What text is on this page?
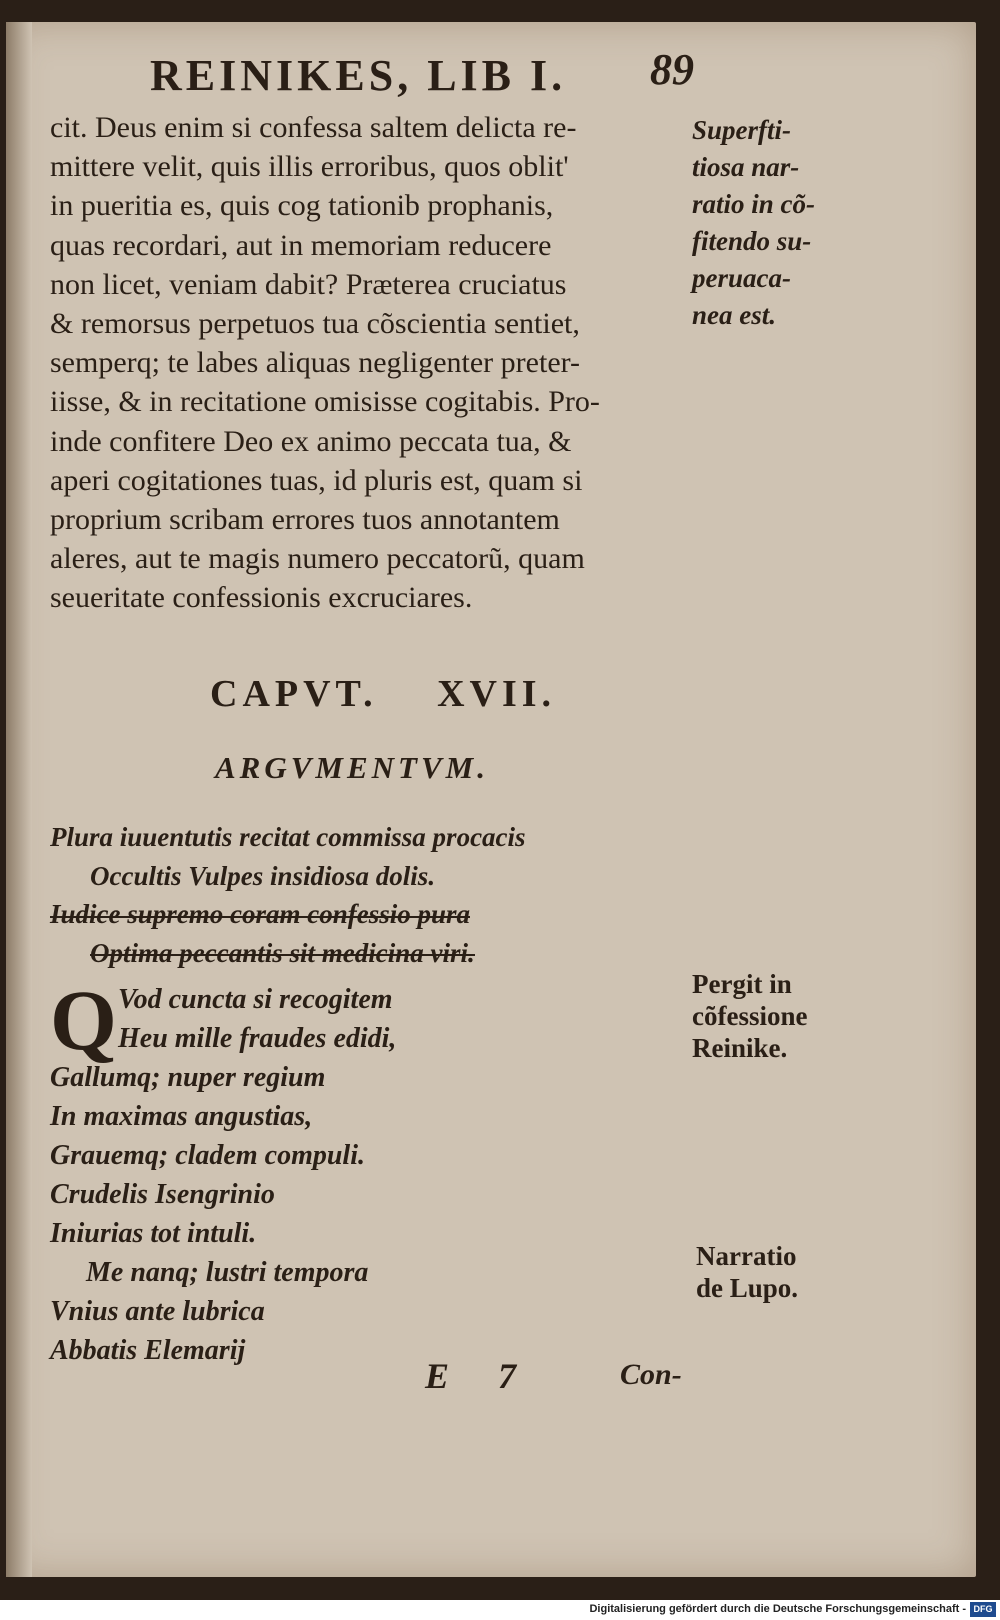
REINIKES, LIB I. 89
cit. Deus enim si confessa saltem delicta re-
mittere velit, quis illis erroribus, quos oblit'
in pueritia es, quis cog tationib prophanis,
quas recordari, aut in memoriam reducere
non licet, veniam dabit? Præterea cruciatus
& remorsus perpetuos tua cõscientia sentiet,
semperq; te labes aliquas negligenter preter-
iisse, & in recitatione omisisse cogitabis. Pro-
inde confitere Deo ex animo peccata tua, &
aperi cogitationes tuas, id pluris est, quam si
proprium scribam errores tuos annotantem
aleres, aut te magis numero peccatorũ, quam
seueritate confessionis excruciares.
Superfti-
tiosa nar-
ratio in cõ-
fitendo su-
peruaca-
nea est.
CAPVT. XVII.
ARGVMENTVM.
Plura iuuentutis recitat commissa procacis
Occultis Vulpes insidiosa dolis.
Iudice supremo coram confessio pura
Optima peccantis sit medicina viri.
Q Vod cuncta si recogitem
Heu mille fraudes edidi,
Gallumq; nuper regium
In maximas angustias,
Grauemq; cladem compuli.
Crudelis Isengrinio
Iniurias tot intuli.
Me nanq; lustri tempora
Vnius ante lubrica
Abbatis Elemarij
Pergit in
cõfessione
Reinike.
Narratio
de Lupo.
E 7	Con-
Digitalisierung gefördert durch die Deutsche Forschungsgemeinschaft - DFG
